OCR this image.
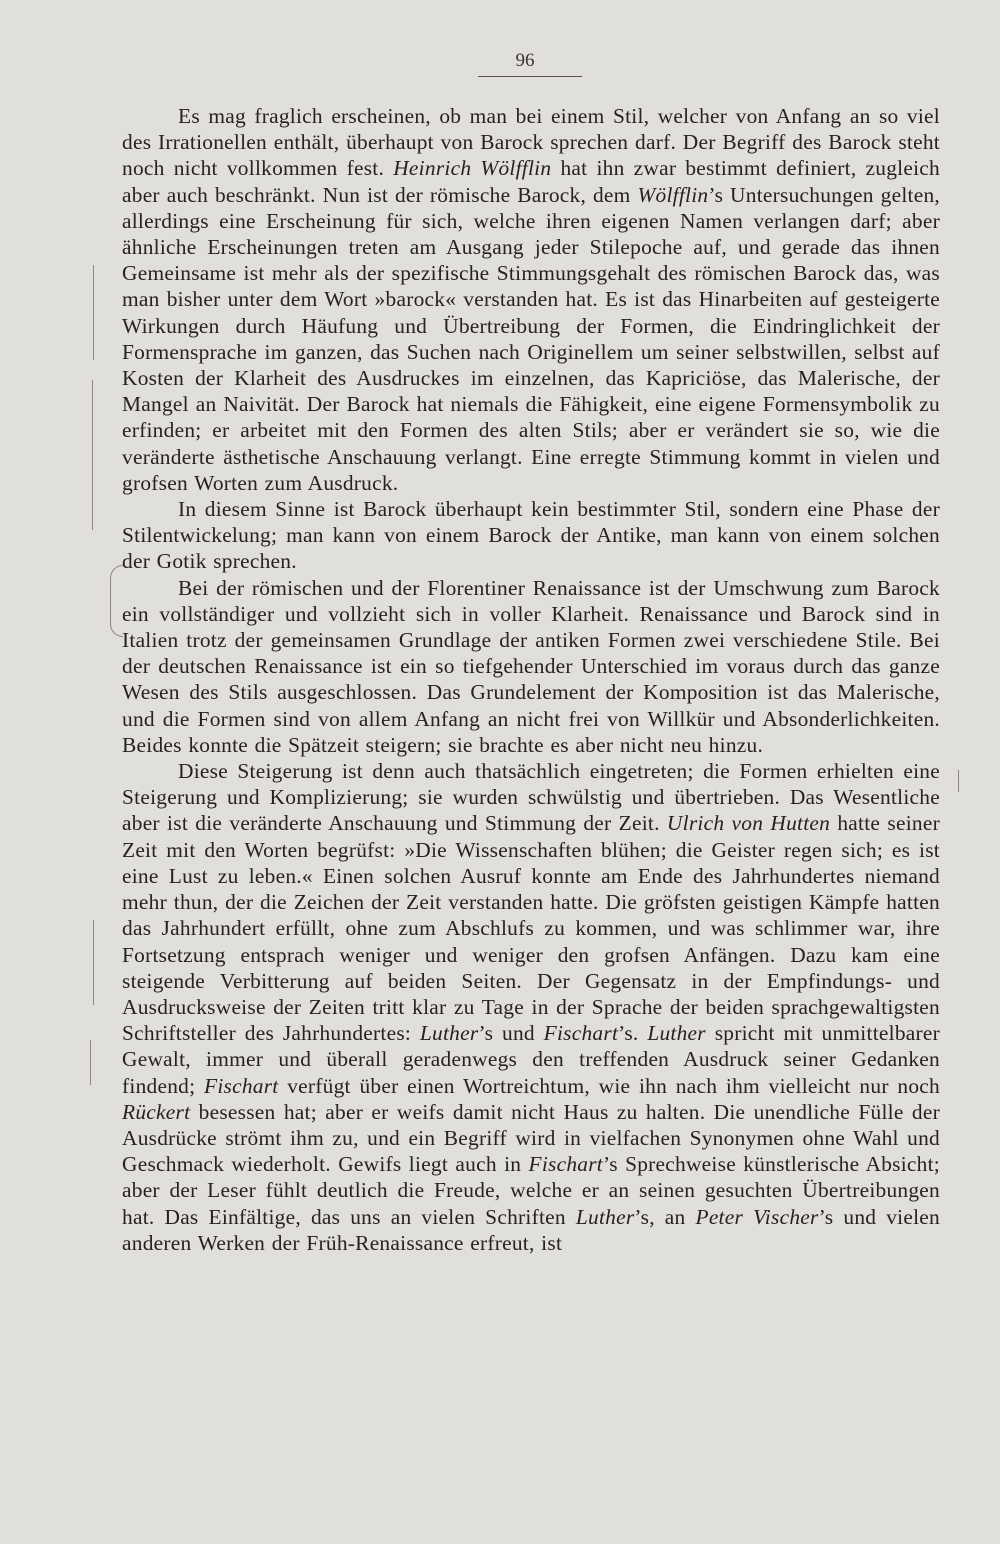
96

Es mag fraglich erscheinen, ob man bei einem Stil, welcher von Anfang an so viel des Irrationellen enthält, überhaupt von Barock sprechen darf. Der Begriff des Barock steht noch nicht vollkommen fest. Heinrich Wölfflin hat ihn zwar bestimmt definiert, zugleich aber auch beschränkt. Nun ist der römische Barock, dem Wölfflin’s Untersuchungen gelten, allerdings eine Erscheinung für sich, welche ihren eigenen Namen verlangen darf; aber ähnliche Erscheinungen treten am Ausgang jeder Stilepoche auf, und gerade das ihnen Gemeinsame ist mehr als der spezifische Stimmungsgehalt des römischen Barock das, was man bisher unter dem Wort »barock« verstanden hat. Es ist das Hinarbeiten auf gesteigerte Wirkungen durch Häufung und Übertreibung der Formen, die Eindringlichkeit der Formensprache im ganzen, das Suchen nach Originellem um seiner selbstwillen, selbst auf Kosten der Klarheit des Ausdruckes im einzelnen, das Kapriciöse, das Malerische, der Mangel an Naivität. Der Barock hat niemals die Fähigkeit, eine eigene Formensymbolik zu erfinden; er arbeitet mit den Formen des alten Stils; aber er verändert sie so, wie die veränderte ästhetische Anschauung verlangt. Eine erregte Stimmung kommt in vielen und grofsen Worten zum Ausdruck.

In diesem Sinne ist Barock überhaupt kein bestimmter Stil, sondern eine Phase der Stilentwickelung; man kann von einem Barock der Antike, man kann von einem solchen der Gotik sprechen.

Bei der römischen und der Florentiner Renaissance ist der Umschwung zum Barock ein vollständiger und vollzieht sich in voller Klarheit. Renaissance und Barock sind in Italien trotz der gemeinsamen Grundlage der antiken Formen zwei verschiedene Stile. Bei der deutschen Renaissance ist ein so tiefgehender Unterschied im voraus durch das ganze Wesen des Stils ausgeschlossen. Das Grundelement der Komposition ist das Malerische, und die Formen sind von allem Anfang an nicht frei von Willkür und Absonderlichkeiten. Beides konnte die Spätzeit steigern; sie brachte es aber nicht neu hinzu.

Diese Steigerung ist denn auch thatsächlich eingetreten; die Formen erhielten eine Steigerung und Komplizierung; sie wurden schwülstig und übertrieben. Das Wesentliche aber ist die veränderte Anschauung und Stimmung der Zeit. Ulrich von Hutten hatte seiner Zeit mit den Worten begrüfst: »Die Wissenschaften blühen; die Geister regen sich; es ist eine Lust zu leben.« Einen solchen Ausruf konnte am Ende des Jahrhundertes niemand mehr thun, der die Zeichen der Zeit verstanden hatte. Die gröfsten geistigen Kämpfe hatten das Jahrhundert erfüllt, ohne zum Abschlufs zu kommen, und was schlimmer war, ihre Fortsetzung entsprach weniger und weniger den grofsen Anfängen. Dazu kam eine steigende Verbitterung auf beiden Seiten. Der Gegensatz in der Empfindungs- und Ausdrucksweise der Zeiten tritt klar zu Tage in der Sprache der beiden sprachgewaltigsten Schriftsteller des Jahrhundertes: Luther’s und Fischart’s. Luther spricht mit unmittelbarer Gewalt, immer und überall geradenwegs den treffenden Ausdruck seiner Gedanken findend; Fischart verfügt über einen Wortreichtum, wie ihn nach ihm vielleicht nur noch Rückert besessen hat; aber er weifs damit nicht Haus zu halten. Die unendliche Fülle der Ausdrücke strömt ihm zu, und ein Begriff wird in vielfachen Synonymen ohne Wahl und Geschmack wiederholt. Gewifs liegt auch in Fischart’s Sprechweise künstlerische Absicht; aber der Leser fühlt deutlich die Freude, welche er an seinen gesuchten Übertreibungen hat. Das Einfältige, das uns an vielen Schriften Luther’s, an Peter Vischer’s und vielen anderen Werken der Früh-Renaissance erfreut, ist
